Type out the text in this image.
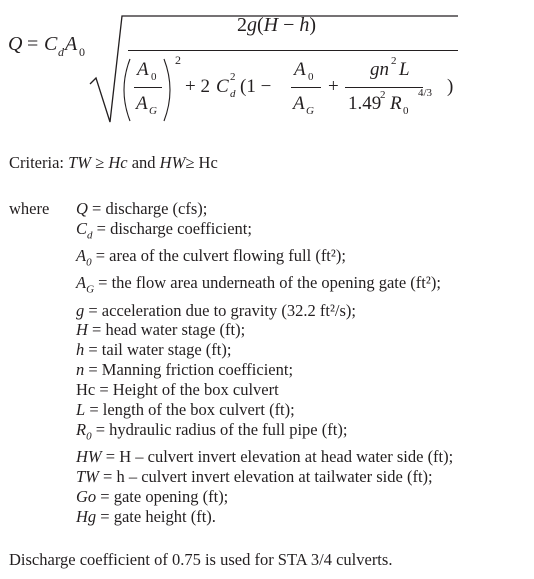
Q = C d A 0
2g(H − h)
A 0
A G
2
+ 2 C 2
d (1 −
A 0
A G
+
gn 2 L
1.49
2 R 0
4/3 )
Criteria: TW ≥ Hc and HW≥ Hc
where Q = discharge (cfs);
$C_d$ = discharge coefficient;
$A_0$ = area of the culvert flowing full (ft²);
$A_G$ = the flow area underneath of the opening gate (ft²);
g = acceleration due to gravity (32.2 ft²/s);
H = head water stage (ft);
h = tail water stage (ft);
n = Manning friction coefficient;
Hc = Height of the box culvert
L = length of the box culvert (ft);
$R_0$ = hydraulic radius of the full pipe (ft);
HW = H – culvert invert elevation at head water side (ft);
TW = h – culvert invert elevation at tailwater side (ft);
Go = gate opening (ft);
Hg = gate height (ft).
Discharge coefficient of 0.75 is used for STA 3/4 culverts.
